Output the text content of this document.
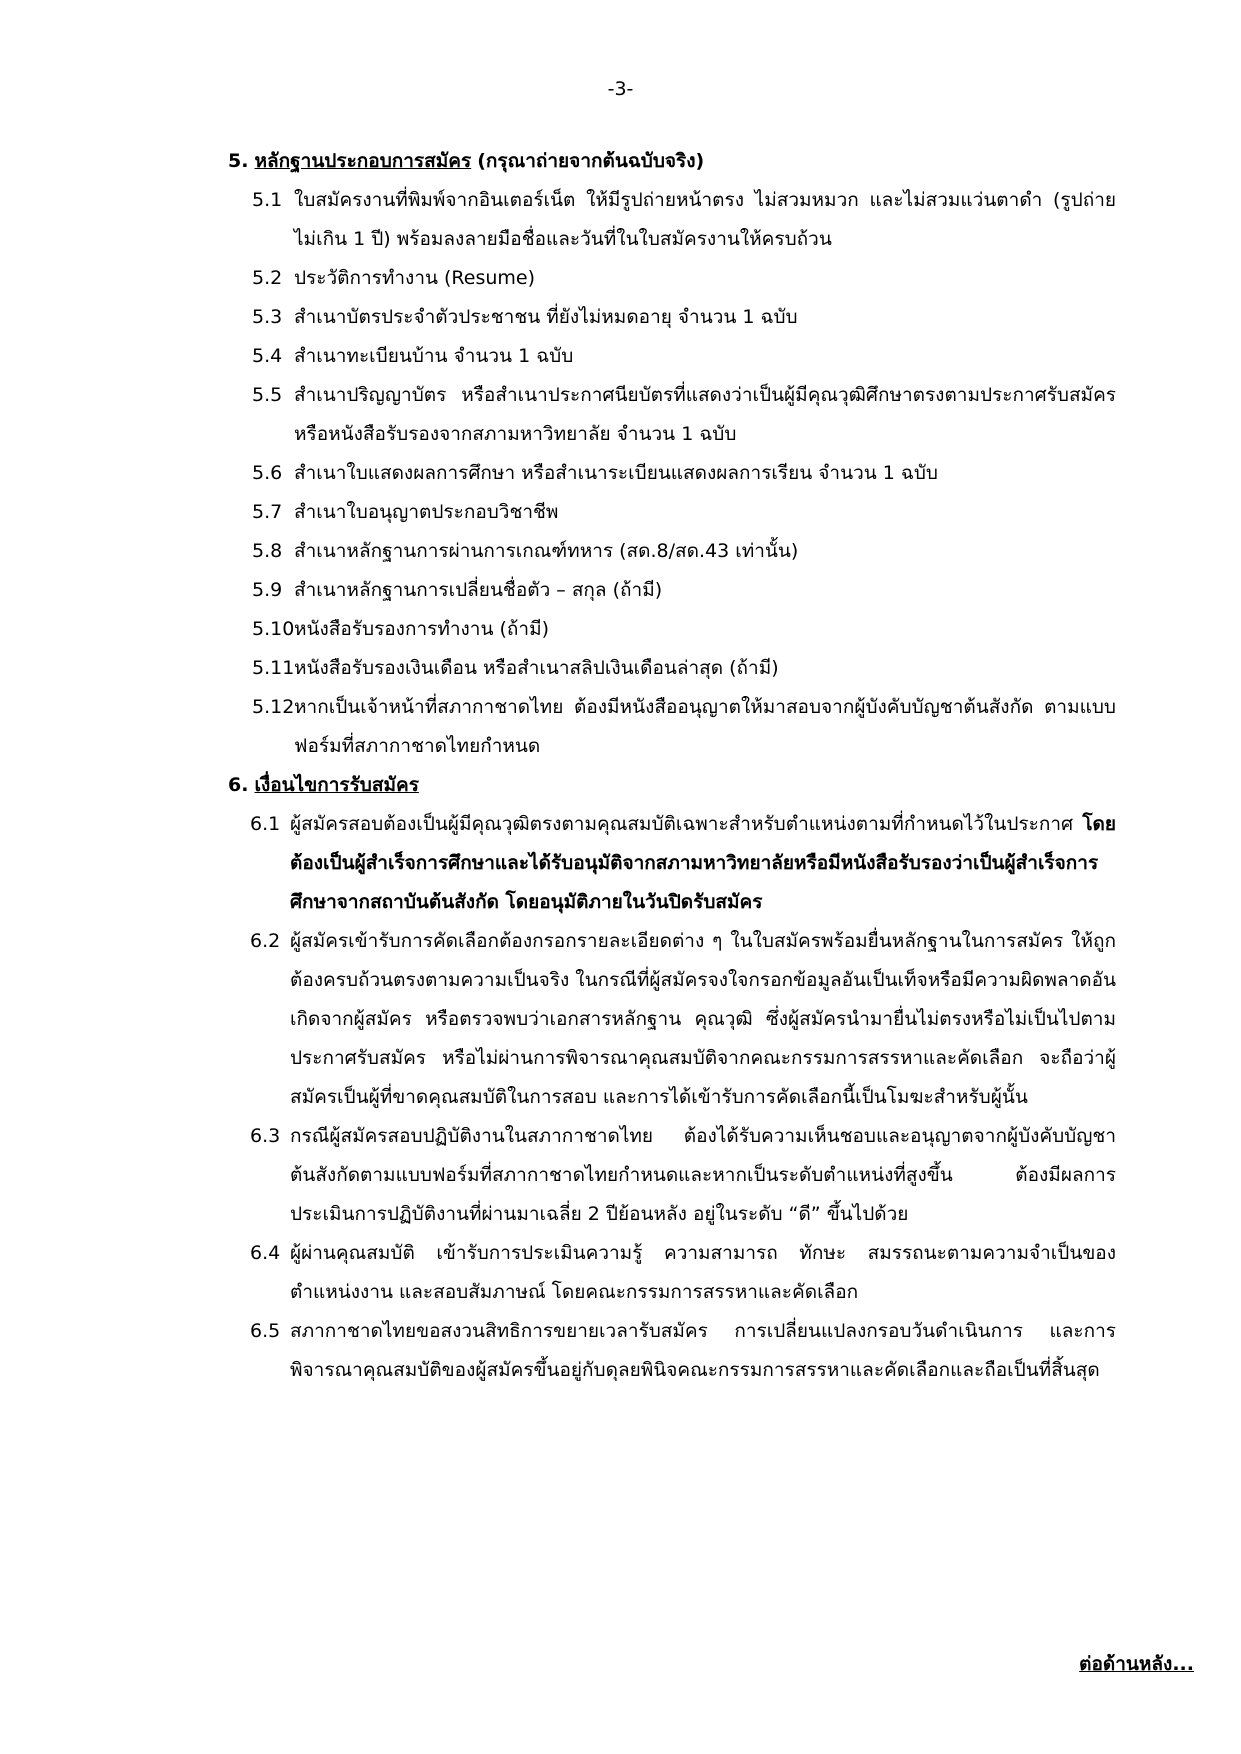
-3-
5. หลักฐานประกอบการสมัคร (กรุณาถ่ายจากต้นฉบับจริง)
5.1 ใบสมัครงานที่พิมพ์จากอินเตอร์เน็ต ให้มีรูปถ่ายหน้าตรง ไม่สวมหมวก และไม่สวมแว่นตาดำ (รูปถ่ายไม่เกิน 1 ปี) พร้อมลงลายมือชื่อและวันที่ในใบสมัครงานให้ครบถ้วน
5.2 ประวัติการทำงาน (Resume)
5.3 สำเนาบัตรประจำตัวประชาชน ที่ยังไม่หมดอายุ จำนวน 1 ฉบับ
5.4 สำเนาทะเบียนบ้าน จำนวน 1 ฉบับ
5.5 สำเนาปริญญาบัตร หรือสำเนาประกาศนียบัตรที่แสดงว่าเป็นผู้มีคุณวุฒิศึกษาตรงตามประกาศรับสมัคร หรือหนังสือรับรองจากสภามหาวิทยาลัย จำนวน 1 ฉบับ
5.6 สำเนาใบแสดงผลการศึกษา หรือสำเนาระเบียนแสดงผลการเรียน จำนวน 1 ฉบับ
5.7 สำเนาใบอนุญาตประกอบวิชาชีพ
5.8 สำเนาหลักฐานการผ่านการเกณฑ์ทหาร (สด.8/สด.43 เท่านั้น)
5.9 สำเนาหลักฐานการเปลี่ยนชื่อตัว – สกุล (ถ้ามี)
5.10 หนังสือรับรองการทำงาน (ถ้ามี)
5.11 หนังสือรับรองเงินเดือน หรือสำเนาสลิปเงินเดือนล่าสุด (ถ้ามี)
5.12 หากเป็นเจ้าหน้าที่สภากาชาดไทย ต้องมีหนังสืออนุญาตให้มาสอบจากผู้บังคับบัญชาต้นสังกัด ตามแบบฟอร์มที่สภากาชาดไทยกำหนด
6. เงื่อนไขการรับสมัคร
6.1 ผู้สมัครสอบต้องเป็นผู้มีคุณวุฒิตรงตามคุณสมบัติเฉพาะสำหรับตำแหน่งตามที่กำหนดไว้ในประกาศ โดยต้องเป็นผู้สำเร็จการศึกษาและได้รับอนุมัติจากสภามหาวิทยาลัยหรือมีหนังสือรับรองว่าเป็นผู้สำเร็จการศึกษาจากสถาบันต้นสังกัด โดยอนุมัติภายในวันปิดรับสมัคร
6.2 ผู้สมัครเข้ารับการคัดเลือกต้องกรอกรายละเอียดต่าง ๆ ในใบสมัครพร้อมยื่นหลักฐานในการสมัคร ให้ถูกต้องครบถ้วนตรงตามความเป็นจริง ในกรณีที่ผู้สมัครจงใจกรอกข้อมูลอันเป็นเท็จหรือมีความผิดพลาดอันเกิดจากผู้สมัคร หรือตรวจพบว่าเอกสารหลักฐาน คุณวุฒิ ซึ่งผู้สมัครนำมายื่นไม่ตรงหรือไม่เป็นไปตามประกาศรับสมัคร หรือไม่ผ่านการพิจารณาคุณสมบัติจากคณะกรรมการสรรหาและคัดเลือก จะถือว่าผู้สมัครเป็นผู้ที่ขาดคุณสมบัติในการสอบ และการได้เข้ารับการคัดเลือกนี้เป็นโมฆะสำหรับผู้นั้น
6.3 กรณีผู้สมัครสอบปฏิบัติงานในสภากาชาดไทย ต้องได้รับความเห็นชอบและอนุญาตจากผู้บังคับบัญชาต้นสังกัดตามแบบฟอร์มที่สภากาชาดไทยกำหนดและหากเป็นระดับตำแหน่งที่สูงขึ้น ต้องมีผลการประเมินการปฏิบัติงานที่ผ่านมาเฉลี่ย 2 ปีย้อนหลัง อยู่ในระดับ “ดี” ขึ้นไปด้วย
6.4 ผู้ผ่านคุณสมบัติ เข้ารับการประเมินความรู้ ความสามารถ ทักษะ สมรรถนะตามความจำเป็นของตำแหน่งงาน และสอบสัมภาษณ์ โดยคณะกรรมการสรรหาและคัดเลือก
6.5 สภากาชาดไทยขอสงวนสิทธิการขยายเวลารับสมัคร การเปลี่ยนแปลงกรอบวันดำเนินการ และการพิจารณาคุณสมบัติของผู้สมัครขึ้นอยู่กับดุลยพินิจคณะกรรมการสรรหาและคัดเลือกและถือเป็นที่สิ้นสุด
ต่อด้านหลัง...
